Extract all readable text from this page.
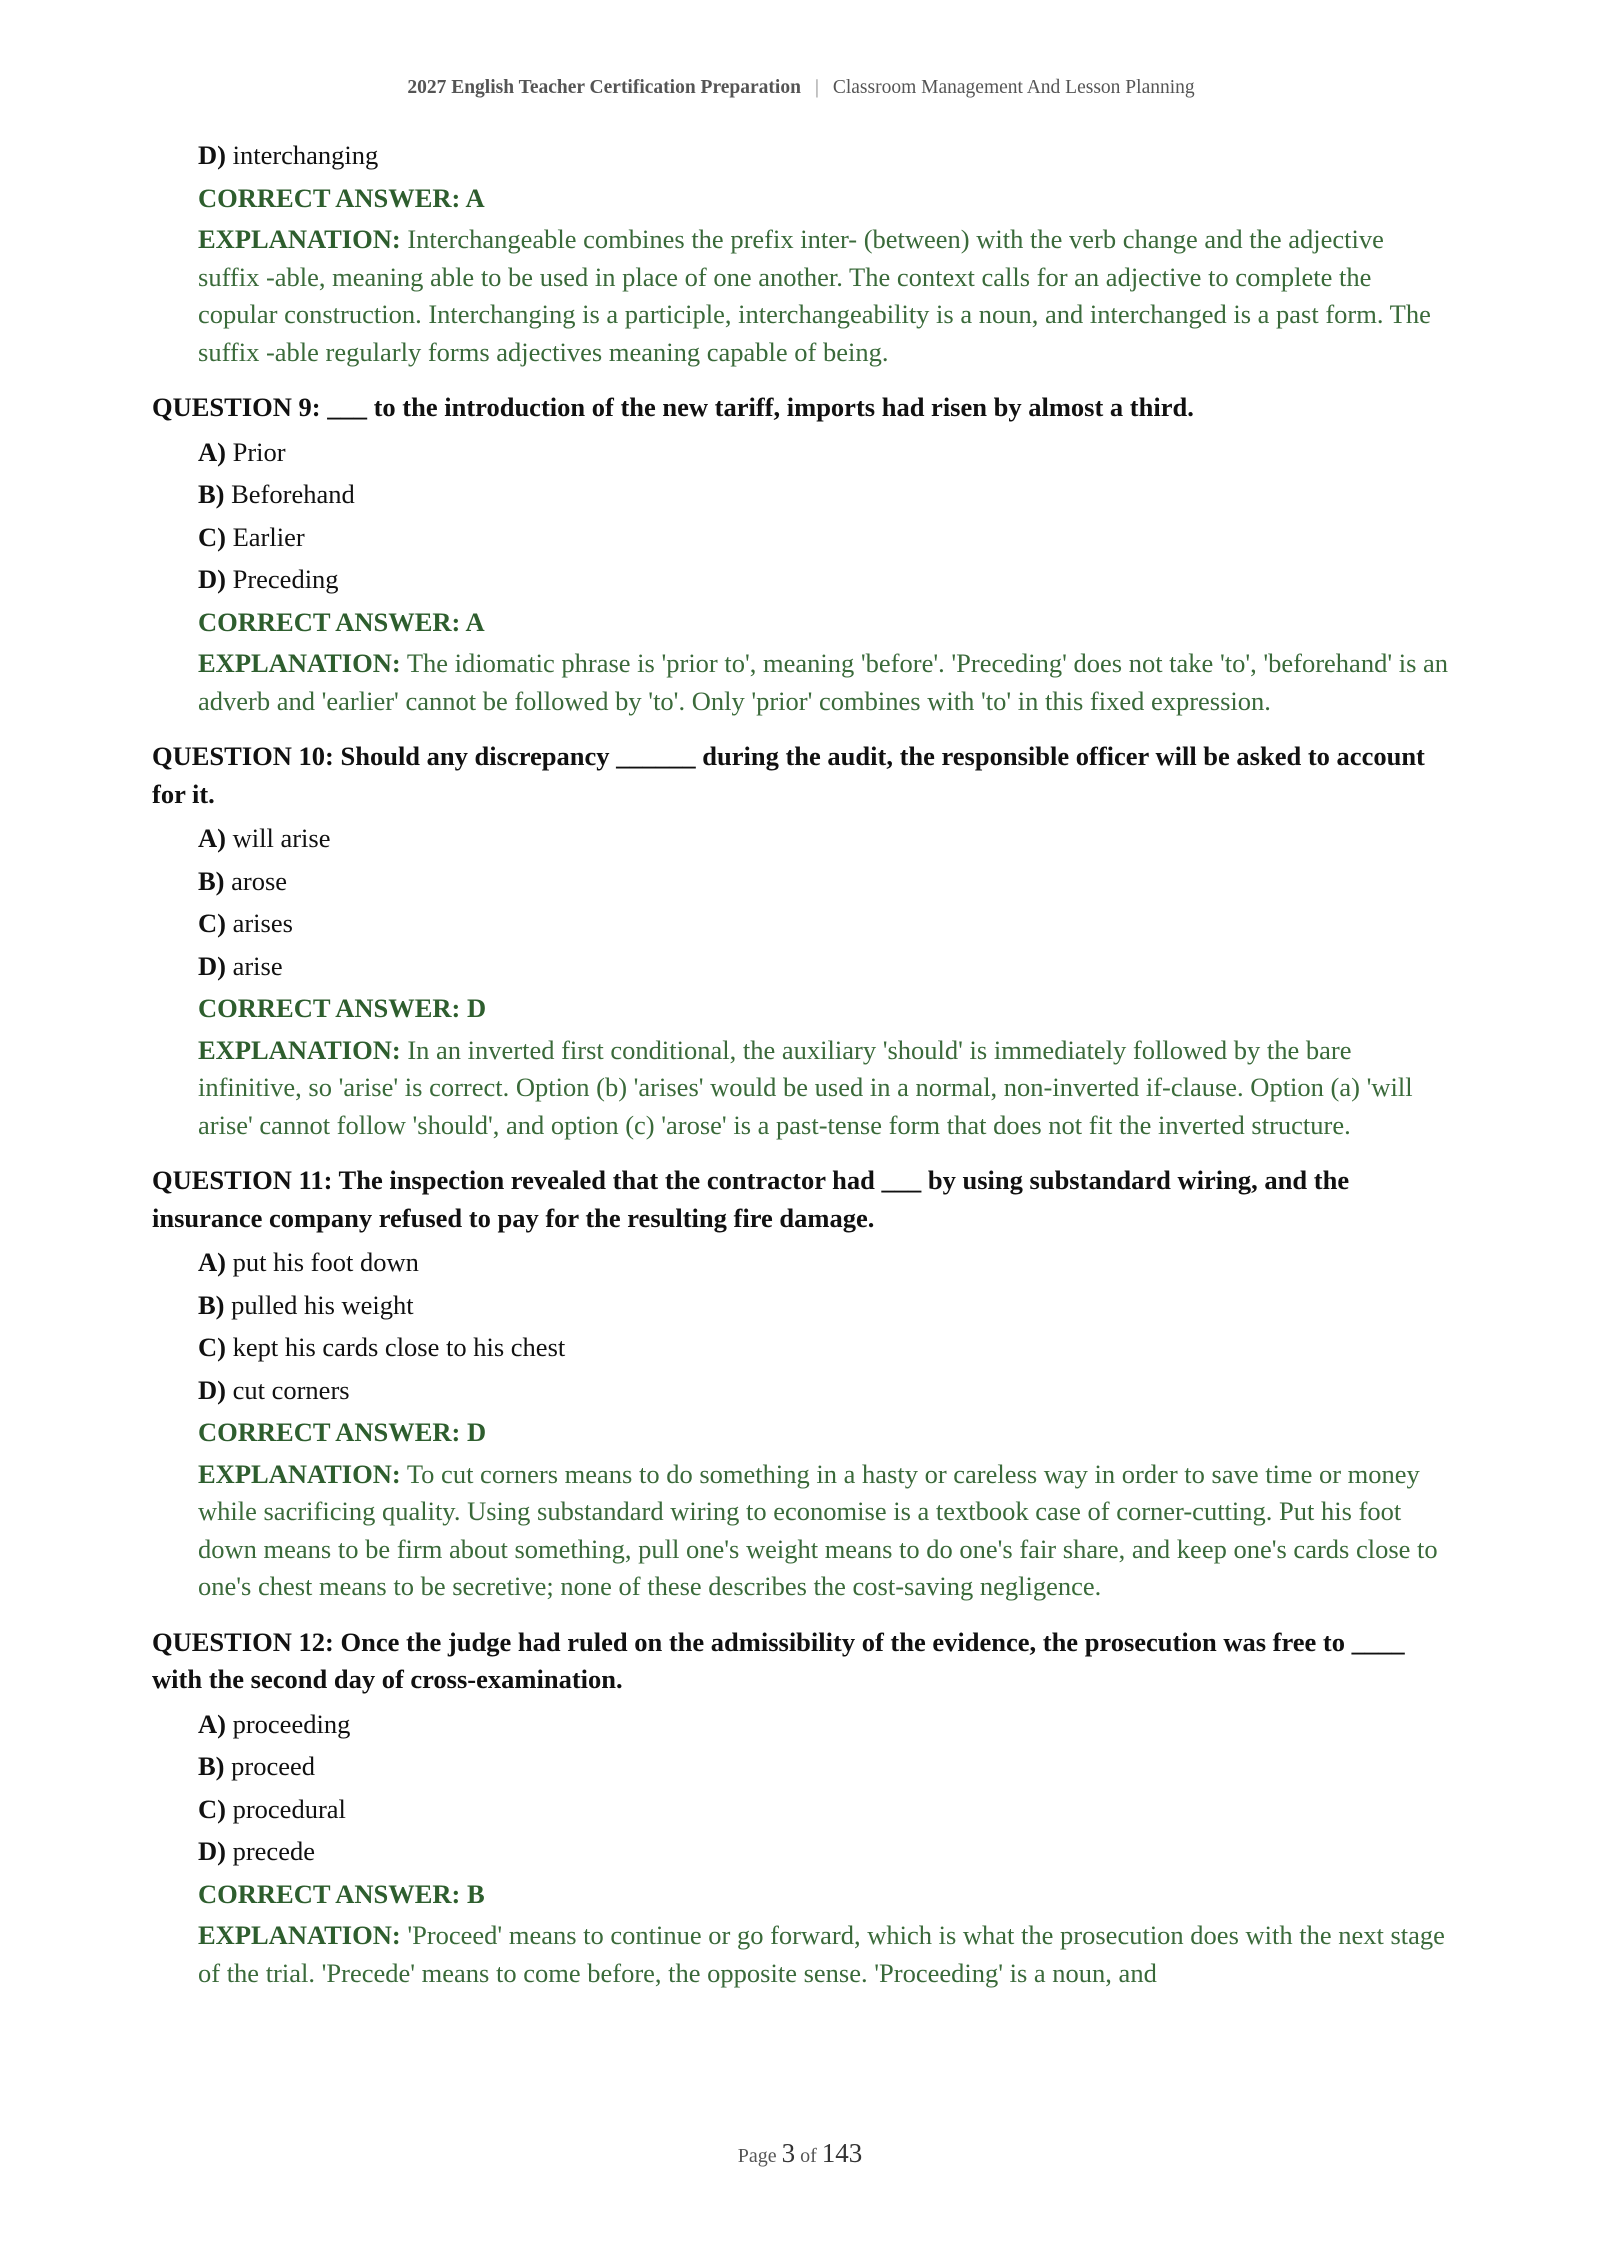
2027 English Teacher Certification Preparation | Classroom Management And Lesson Planning
D) interchanging
CORRECT ANSWER: A
EXPLANATION: Interchangeable combines the prefix inter- (between) with the verb change and the adjective suffix -able, meaning able to be used in place of one another. The context calls for an adjective to complete the copular construction. Interchanging is a participle, interchangeability is a noun, and interchanged is a past form. The suffix -able regularly forms adjectives meaning capable of being.
QUESTION 9: ___ to the introduction of the new tariff, imports had risen by almost a third.
A) Prior
B) Beforehand
C) Earlier
D) Preceding
CORRECT ANSWER: A
EXPLANATION: The idiomatic phrase is 'prior to', meaning 'before'. 'Preceding' does not take 'to', 'beforehand' is an adverb and 'earlier' cannot be followed by 'to'. Only 'prior' combines with 'to' in this fixed expression.
QUESTION 10: Should any discrepancy ______ during the audit, the responsible officer will be asked to account for it.
A) will arise
B) arose
C) arises
D) arise
CORRECT ANSWER: D
EXPLANATION: In an inverted first conditional, the auxiliary 'should' is immediately followed by the bare infinitive, so 'arise' is correct. Option (b) 'arises' would be used in a normal, non-inverted if-clause. Option (a) 'will arise' cannot follow 'should', and option (c) 'arose' is a past-tense form that does not fit the inverted structure.
QUESTION 11: The inspection revealed that the contractor had ___ by using substandard wiring, and the insurance company refused to pay for the resulting fire damage.
A) put his foot down
B) pulled his weight
C) kept his cards close to his chest
D) cut corners
CORRECT ANSWER: D
EXPLANATION: To cut corners means to do something in a hasty or careless way in order to save time or money while sacrificing quality. Using substandard wiring to economise is a textbook case of corner-cutting. Put his foot down means to be firm about something, pull one's weight means to do one's fair share, and keep one's cards close to one's chest means to be secretive; none of these describes the cost-saving negligence.
QUESTION 12: Once the judge had ruled on the admissibility of the evidence, the prosecution was free to ____ with the second day of cross-examination.
A) proceeding
B) proceed
C) procedural
D) precede
CORRECT ANSWER: B
EXPLANATION: 'Proceed' means to continue or go forward, which is what the prosecution does with the next stage of the trial. 'Precede' means to come before, the opposite sense. 'Proceeding' is a noun, and
Page 3 of 143
